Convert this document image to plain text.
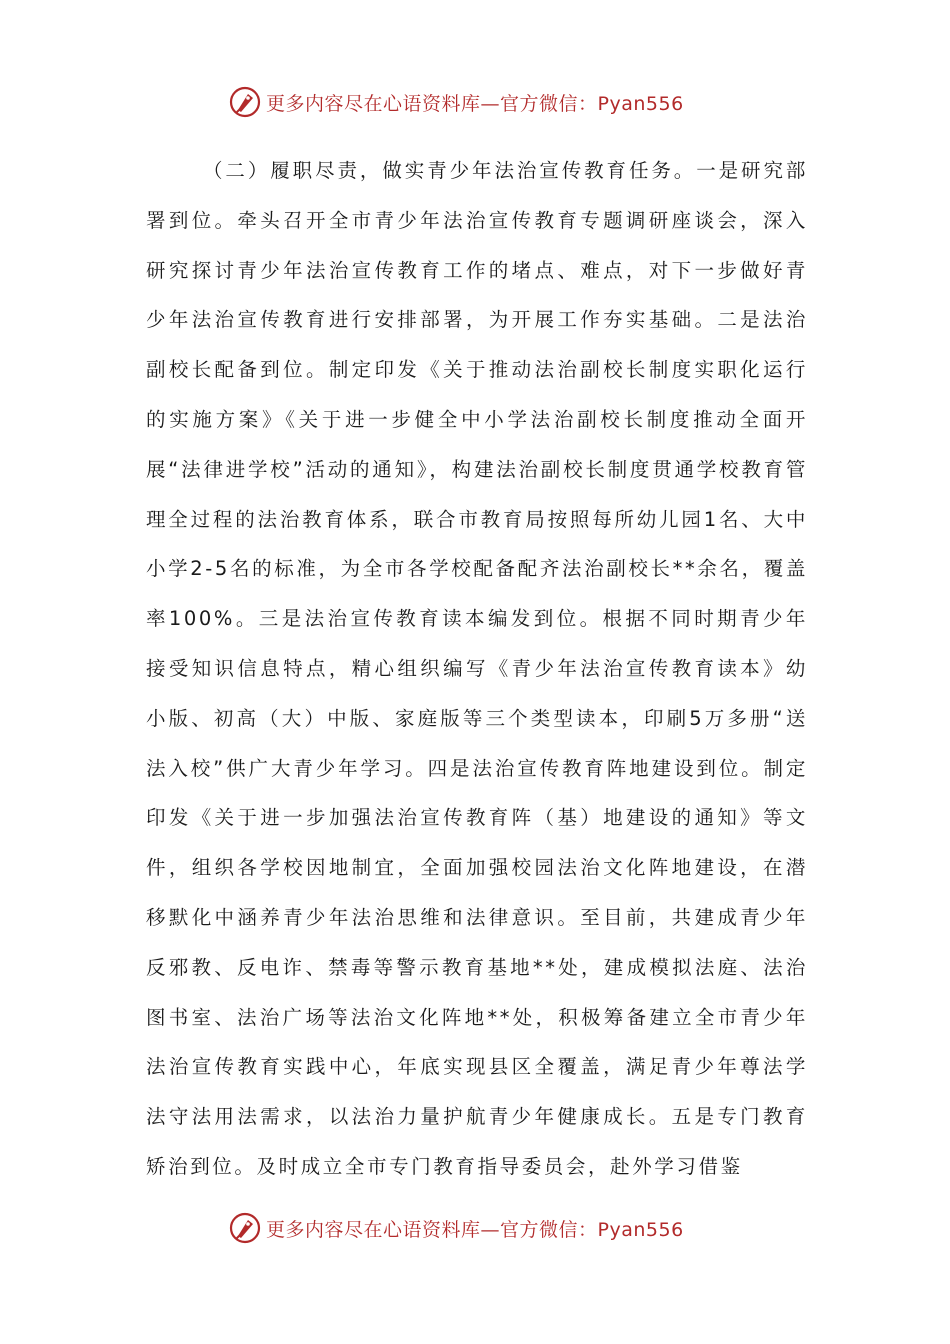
更多内容尽在心语资料库—官方微信：Pyan556

（二）履职尽责，做实青少年法治宣传教育任务。一是研究部署到位。牵头召开全市青少年法治宣传教育专题调研座谈会，深入研究探讨青少年法治宣传教育工作的堵点、难点，对下一步做好青少年法治宣传教育进行安排部署，为开展工作夯实基础。二是法治副校长配备到位。制定印发《关于推动法治副校长制度实职化运行的实施方案》《关于进一步健全中小学法治副校长制度推动全面开展“法律进学校”活动的通知》，构建法治副校长制度贯通学校教育管理全过程的法治教育体系，联合市教育局按照每所幼儿园1名、大中小学2-5名的标准，为全市各学校配备配齐法治副校长**余名，覆盖率100%。三是法治宣传教育读本编发到位。根据不同时期青少年接受知识信息特点，精心组织编写《青少年法治宣传教育读本》幼小版、初高（大）中版、家庭版等三个类型读本，印刷5万多册“送法入校”供广大青少年学习。四是法治宣传教育阵地建设到位。制定印发《关于进一步加强法治宣传教育阵（基）地建设的通知》等文件，组织各学校因地制宜，全面加强校园法治文化阵地建设，在潜移默化中涵养青少年法治思维和法律意识。至目前，共建成青少年反邪教、反电诈、禁毒等警示教育基地**处，建成模拟法庭、法治图书室、法治广场等法治文化阵地**处，积极筹备建立全市青少年法治宣传教育实践中心，年底实现县区全覆盖，满足青少年尊法学法守法用法需求，以法治力量护航青少年健康成长。五是专门教育矫治到位。及时成立全市专门教育指导委员会，赴外学习借鉴

更多内容尽在心语资料库—官方微信：Pyan556
